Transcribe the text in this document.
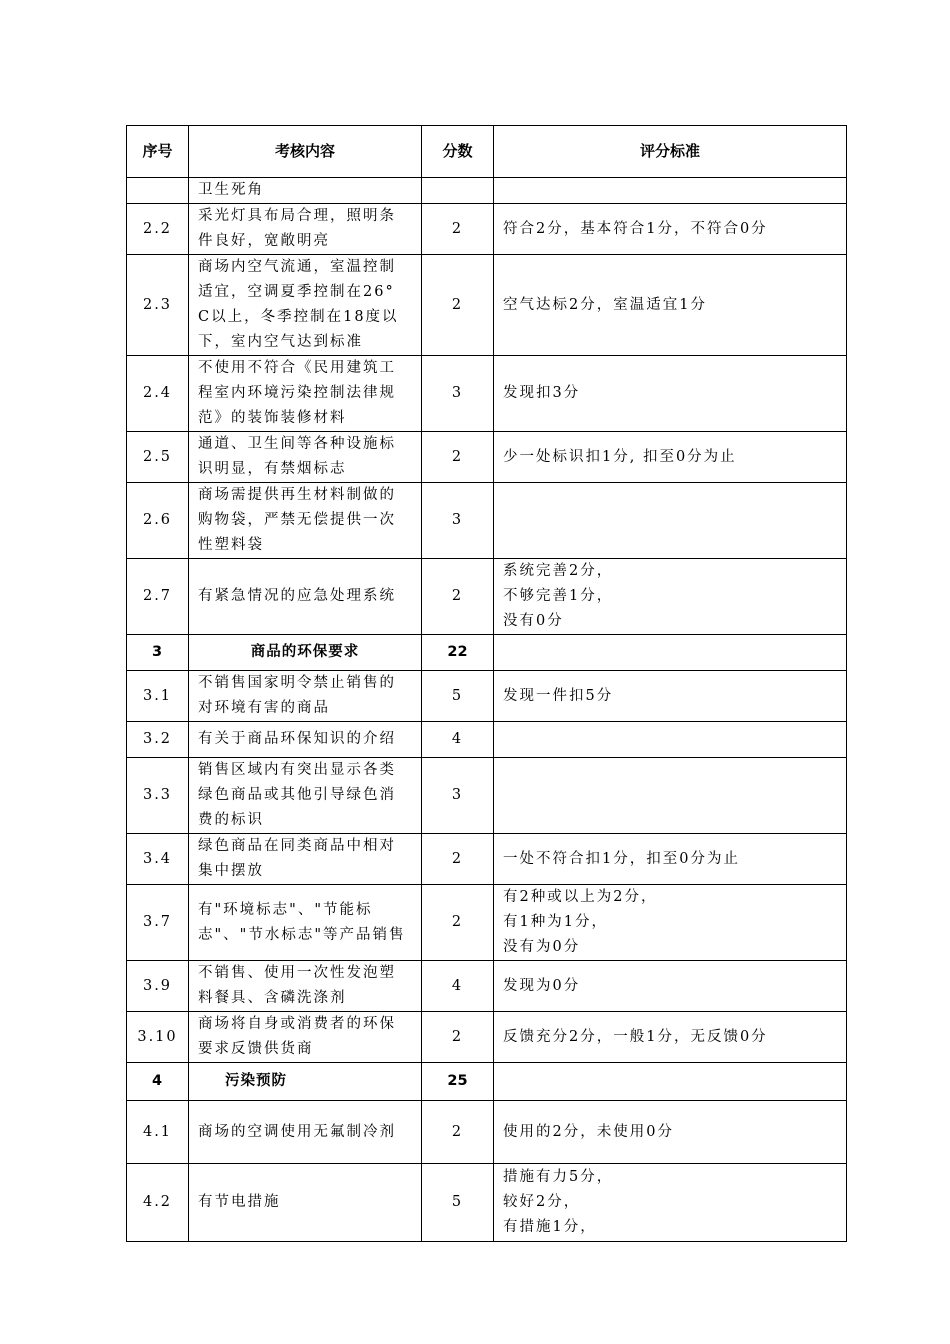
序号	考核内容	分数	评分标准
	卫生死角		
2.2	采光灯具布局合理，照明条件良好，宽敞明亮	2	符合2分，基本符合1分，不符合0分
2.3	商场内空气流通，室温控制适宜，空调夏季控制在26° C以上，冬季控制在18度以下，室内空气达到标准	2	空气达标2分，室温适宜1分
2.4	不使用不符合《民用建筑工程室内环境污染控制法律规范》的装饰装修材料	3	发现扣3分
2.5	通道、卫生间等各种设施标识明显，有禁烟标志	2	少一处标识扣1分, 扣至0分为止
2.6	商场需提供再生材料制做的购物袋，严禁无偿提供一次性塑料袋	3	
2.7	有紧急情况的应急处理系统	2	系统完善2分，
不够完善1分，
没有0分
3	商品的环保要求	22	
3.1	不销售国家明令禁止销售的对环境有害的商品	5	发现一件扣5分
3.2	有关于商品环保知识的介绍	4	
3.3	销售区域内有突出显示各类绿色商品或其他引导绿色消费的标识	3	
3.4	绿色商品在同类商品中相对集中摆放	2	一处不符合扣1分，扣至0分为止
3.7	有"环境标志"、"节能标志"、"节水标志"等产品销售	2	有2种或以上为2分，
有1种为1分，
没有为0分
3.9	不销售、使用一次性发泡塑料餐具、含磷洗涤剂	4	发现为0分
3.10	商场将自身或消费者的环保要求反馈供货商	2	反馈充分2分，一般1分，无反馈0分
4	污染预防	25	
4.1	商场的空调使用无氟制冷剂	2	使用的2分，未使用0分
4.2	有节电措施	5	措施有力5分，
较好2分，
有措施1分，
